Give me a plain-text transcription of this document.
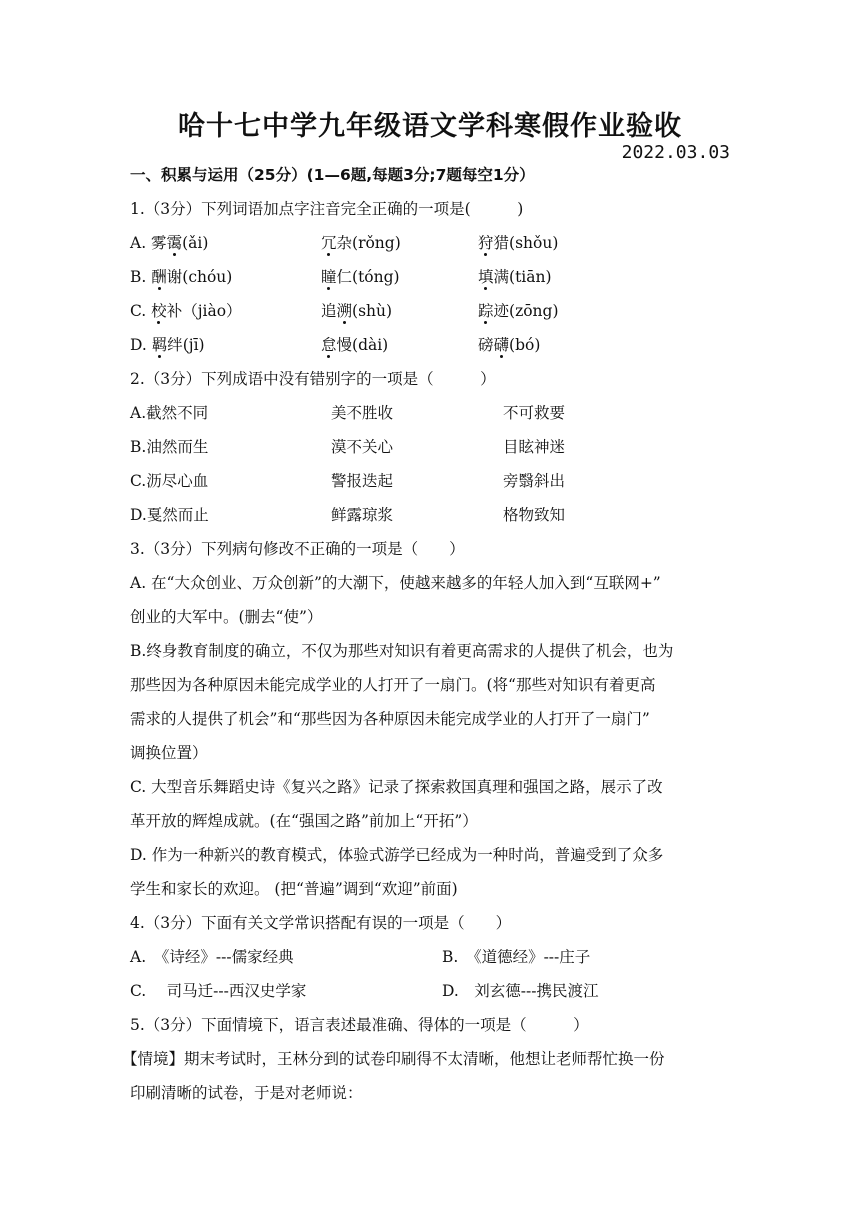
哈十七中学九年级语文学科寒假作业验收
2022.03.03
一、积累与运用（25分）(1—6题,每题3分;7题每空1分）
1.（3分）下列词语加点字注音完全正确的一项是(　　　)
A. 雾霭(ǎi)	冗杂(rǒng)	狩猎(shǒu)
B. 酬谢(chóu)	瞳仁(tóng)	填满(tiān)
C. 校补（jiào）	追溯(shù)	踪迹(zōng)
D. 羁绊(jī)	怠慢(dài)	磅礴(bó)
2.（3分）下列成语中没有错别字的一项是（　　　）
A.截然不同	美不胜收	不可救要
B.油然而生	漠不关心	目眩神迷
C.沥尽心血	警报迭起	旁翳斜出
D.戛然而止	鲜露琼浆	格物致知
3.（3分）下列病句修改不正确的一项是（　　）
A. 在“大众创业、万众创新”的大潮下，使越来越多的年轻人加入到“互联网+”
创业的大军中。(删去“使”）
B.终身教育制度的确立，不仅为那些对知识有着更高需求的人提供了机会，也为
那些因为各种原因未能完成学业的人打开了一扇门。(将“那些对知识有着更高
需求的人提供了机会”和“那些因为各种原因未能完成学业的人打开了一扇门”
调换位置）
C. 大型音乐舞蹈史诗《复兴之路》记录了探索救国真理和强国之路，展示了改
革开放的辉煌成就。(在“强国之路”前加上“开拓”）
D. 作为一种新兴的教育模式，体验式游学已经成为一种时尚，普遍受到了众多
学生和家长的欢迎。 (把“普遍”调到“欢迎”前面)
4.（3分）下面有关文学常识搭配有误的一项是（　　）
A.　《诗经》---儒家经典	B.　《道德经》---庄子
C.　 司马迁---西汉史学家	D.　刘玄德---携民渡江
5.（3分）下面情境下，语言表述最准确、得体的一项是（　　　）
【情境】期末考试时，王林分到的试卷印刷得不太清晰，他想让老师帮忙换一份
印刷清晰的试卷，于是对老师说：
